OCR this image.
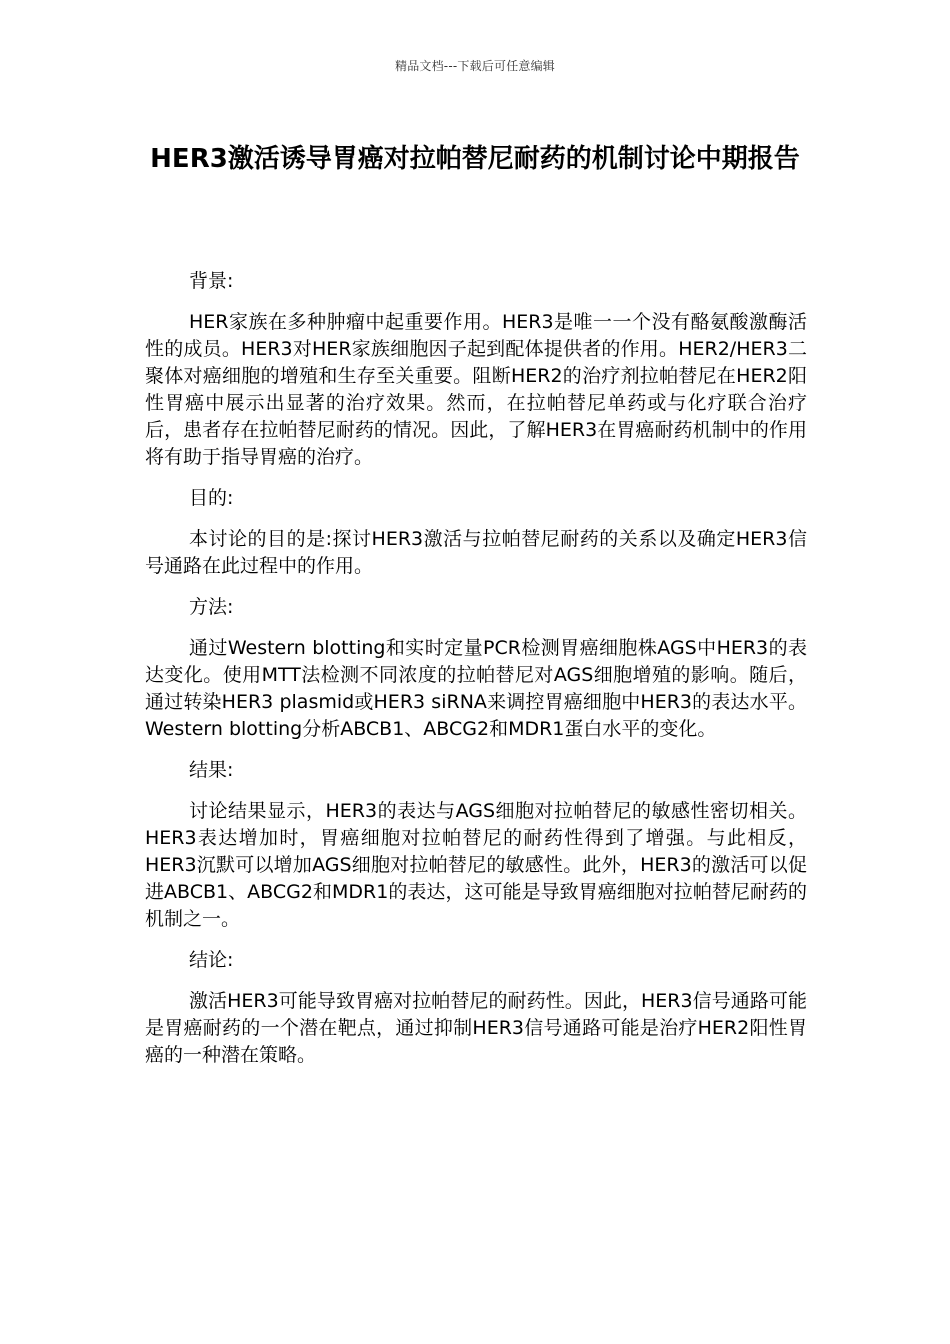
精品文档---下载后可任意编辑
HER3激活诱导胃癌对拉帕替尼耐药的机制讨论中期报告

背景:

HER家族在多种肿瘤中起重要作用。HER3是唯一一个没有酪氨酸激酶活性的成员。HER3对HER家族细胞因子起到配体提供者的作用。HER2/HER3二聚体对癌细胞的增殖和生存至关重要。阻断HER2的治疗剂拉帕替尼在HER2阳性胃癌中展示出显著的治疗效果。然而，在拉帕替尼单药或与化疗联合治疗后，患者存在拉帕替尼耐药的情况。因此，了解HER3在胃癌耐药机制中的作用将有助于指导胃癌的治疗。

目的:

本讨论的目的是:探讨HER3激活与拉帕替尼耐药的关系以及确定HER3信号通路在此过程中的作用。

方法:

通过Western blotting和实时定量PCR检测胃癌细胞株AGS中HER3的表达变化。使用MTT法检测不同浓度的拉帕替尼对AGS细胞增殖的影响。随后，通过转染HER3 plasmid或HER3 siRNA来调控胃癌细胞中HER3的表达水平。Western blotting分析ABCB1、ABCG2和MDR1蛋白水平的变化。

结果:

讨论结果显示，HER3的表达与AGS细胞对拉帕替尼的敏感性密切相关。HER3表达增加时，胃癌细胞对拉帕替尼的耐药性得到了增强。与此相反，HER3沉默可以增加AGS细胞对拉帕替尼的敏感性。此外，HER3的激活可以促进ABCB1、ABCG2和MDR1的表达，这可能是导致胃癌细胞对拉帕替尼耐药的机制之一。

结论:

激活HER3可能导致胃癌对拉帕替尼的耐药性。因此，HER3信号通路可能是胃癌耐药的一个潜在靶点，通过抑制HER3信号通路可能是治疗HER2阳性胃癌的一种潜在策略。
